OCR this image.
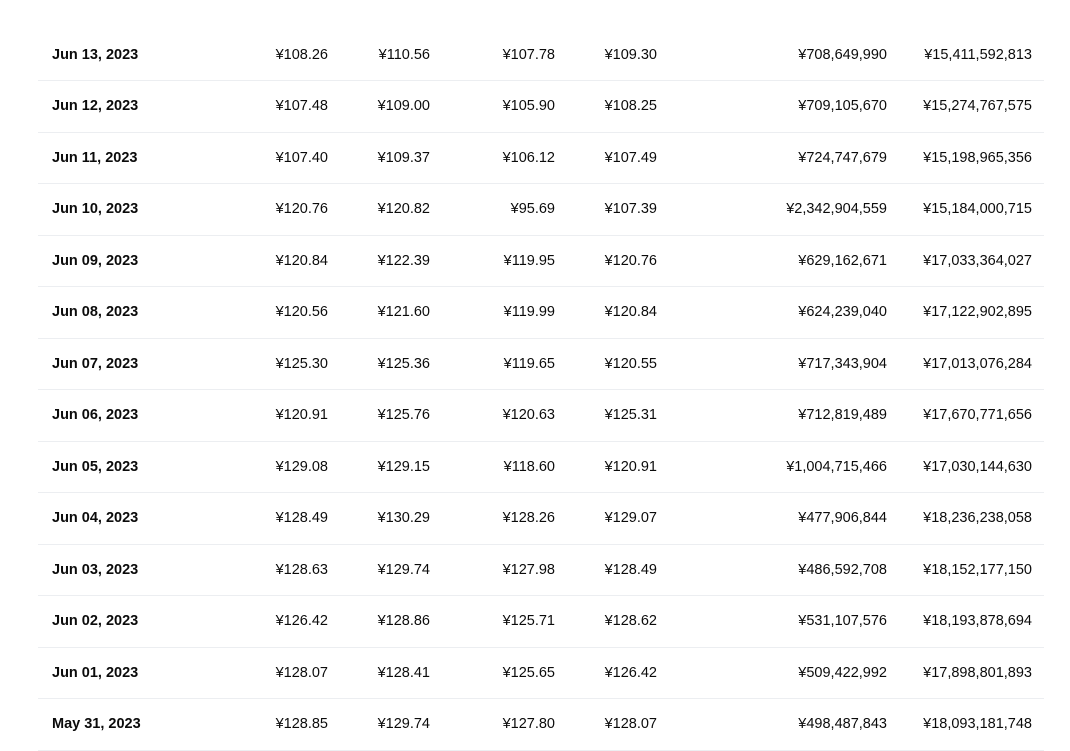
Jun 13, 2023	¥108.26	¥110.56	¥107.78	¥109.30	¥708,649,990	¥15,411,592,813	
Jun 12, 2023	¥107.48	¥109.00	¥105.90	¥108.25	¥709,105,670	¥15,274,767,575	
Jun 11, 2023	¥107.40	¥109.37	¥106.12	¥107.49	¥724,747,679	¥15,198,965,356	
Jun 10, 2023	¥120.76	¥120.82	¥95.69	¥107.39	¥2,342,904,559	¥15,184,000,715	
Jun 09, 2023	¥120.84	¥122.39	¥119.95	¥120.76	¥629,162,671	¥17,033,364,027	
Jun 08, 2023	¥120.56	¥121.60	¥119.99	¥120.84	¥624,239,040	¥17,122,902,895	
Jun 07, 2023	¥125.30	¥125.36	¥119.65	¥120.55	¥717,343,904	¥17,013,076,284	
Jun 06, 2023	¥120.91	¥125.76	¥120.63	¥125.31	¥712,819,489	¥17,670,771,656	
Jun 05, 2023	¥129.08	¥129.15	¥118.60	¥120.91	¥1,004,715,466	¥17,030,144,630	
Jun 04, 2023	¥128.49	¥130.29	¥128.26	¥129.07	¥477,906,844	¥18,236,238,058	
Jun 03, 2023	¥128.63	¥129.74	¥127.98	¥128.49	¥486,592,708	¥18,152,177,150	
Jun 02, 2023	¥126.42	¥128.86	¥125.71	¥128.62	¥531,107,576	¥18,193,878,694	
Jun 01, 2023	¥128.07	¥128.41	¥125.65	¥126.42	¥509,422,992	¥17,898,801,893	
May 31, 2023	¥128.85	¥129.74	¥127.80	¥128.07	¥498,487,843	¥18,093,181,748	
